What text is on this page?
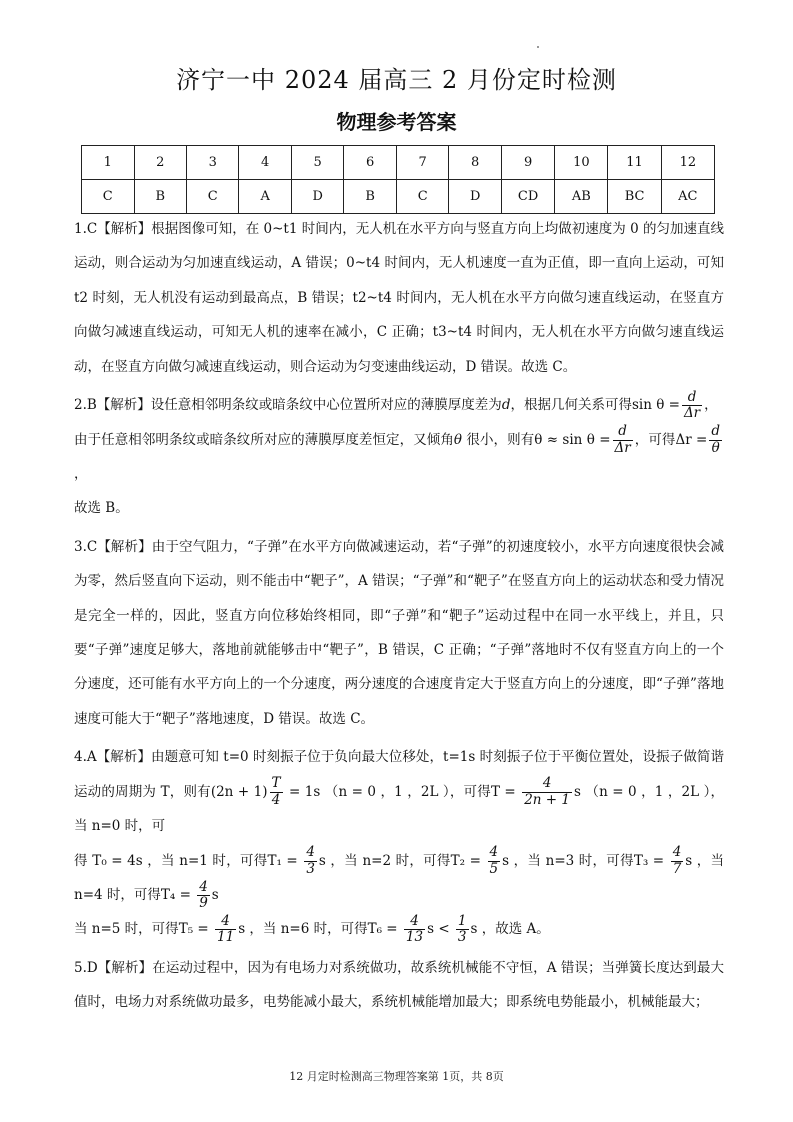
济宁一中 2024 届高三 2 月份定时检测
物理参考答案
1	2	3	4	5	6	7	8	9	10	11	12
C	B	C	A	D	B	C	D	CD	AB	BC	AC

1.C【解析】根据图像可知，在 0~t1 时间内，无人机在水平方向与竖直方向上均做初速度为 0 的匀加速直线运动，则合运动为匀加速直线运动，A 错误；0~t4 时间内，无人机速度一直为正值，即一直向上运动，可知 t2 时刻，无人机没有运动到最高点，B 错误；t2~t4 时间内，无人机在水平方向做匀速直线运动，在竖直方向做匀减速直线运动，可知无人机的速率在减小，C 正确；t3~t4 时间内，无人机在水平方向做匀速直线运动，在竖直方向做匀减速直线运动，则合运动为匀变速曲线运动，D 错误。故选 C。

2.B【解析】设任意相邻明条纹或暗条纹中心位置所对应的薄膜厚度差为d，根据几何关系可得$\sin \theta = \frac{d}{\Delta r}$ ，
由于任意相邻明条纹或暗条纹所对应的薄膜厚度差恒定，又倾角θ 很小，则有$\theta \approx \sin \theta = \frac{d}{\Delta r}$ ，可得$\Delta r = \frac{d}{\theta}$
，
故选 B。

3.C【解析】由于空气阻力，“子弹”在水平方向做减速运动，若“子弹”的初速度较小，水平方向速度很快会减为零，然后竖直向下运动，则不能击中“靶子”，A 错误；“子弹”和“靶子”在竖直方向上的运动状态和受力情况是完全一样的，因此，竖直方向位移始终相同，即“子弹”和“靶子”运动过程中在同一水平线上，并且，只要“子弹”速度足够大，落地前就能够击中“靶子”，B 错误，C 正确；“子弹”落地时不仅有竖直方向上的一个分速度，还可能有水平方向上的一个分速度，两分速度的合速度肯定大于竖直方向上的分速度，即“子弹”落地速度可能大于“靶子”落地速度，D 错误。故选 C。

4.A【解析】由题意可知 t=0 时刻振子位于负向最大位移处，t=1s 时刻振子位于平衡位置处，设振子做简谐运动的周期为 T，则有$(2n + 1) \frac{T}{4} = 1s$ （n = 0 ，1 ，2L ），可得$T = \frac{4}{2n + 1}$ s （n = 0 ，1 ，2L ），当 n=0 时，可
得 T₀ = 4s ，当 n=1 时，可得$T_1 = \frac{4}{3}$ s ，当 n=2 时，可得$T_2 = \frac{4}{5}$ s ，当 n=3 时，可得$T_3 = \frac{4}{7}$ s ，当 n=4 时，可得$T_4 = \frac{4}{9}$ s
当 n=5 时，可得$T_5 = \frac{4}{11}$ s ，当 n=6 时，可得$T_6 = \frac{4}{13}$ $s < \frac{1}{3}$ s ，故选 A。

5.D【解析】在运动过程中，因为有电场力对系统做功，故系统机械能不守恒，A 错误；当弹簧长度达到最大值时，电场力对系统做功最多，电势能减小最大，系统机械能增加最大；即系统电势能最小，机械能最大；

12 月定时检测高三物理答案第 1页，共 8页
